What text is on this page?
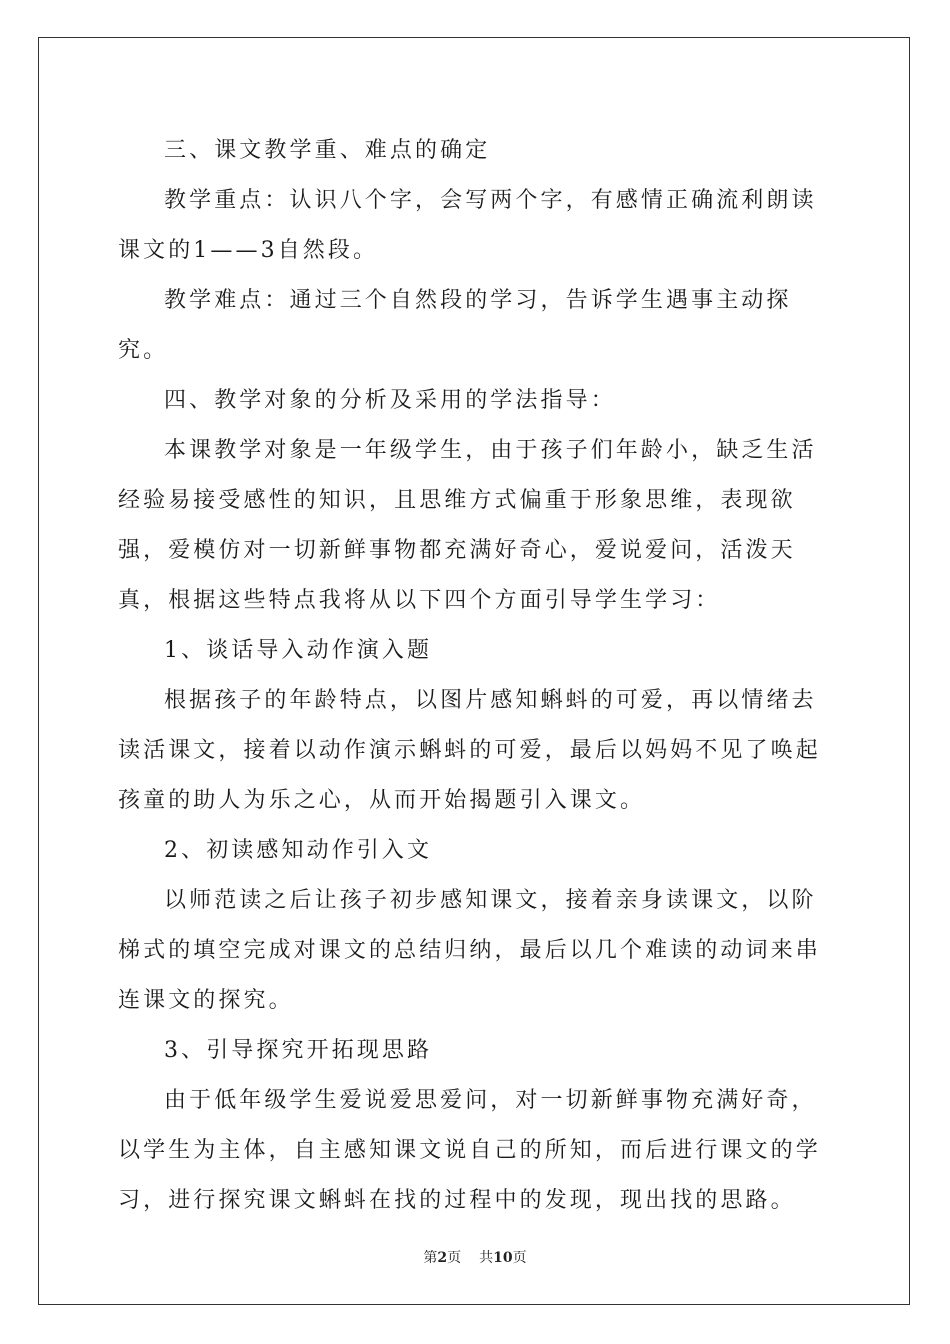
三、课文教学重、难点的确定

教学重点：认识八个字，会写两个字，有感情正确流利朗读课文的1——3自然段。

教学难点：通过三个自然段的学习，告诉学生遇事主动探究。

四、教学对象的分析及采用的学法指导：

本课教学对象是一年级学生，由于孩子们年龄小，缺乏生活经验易接受感性的知识，且思维方式偏重于形象思维，表现欲强，爱模仿对一切新鲜事物都充满好奇心，爱说爱问，活泼天真，根据这些特点我将从以下四个方面引导学生学习：

1、谈话导入动作演入题

根据孩子的年龄特点，以图片感知蝌蚪的可爱，再以情绪去读活课文，接着以动作演示蝌蚪的可爱，最后以妈妈不见了唤起孩童的助人为乐之心，从而开始揭题引入课文。

2、初读感知动作引入文

以师范读之后让孩子初步感知课文，接着亲身读课文，以阶梯式的填空完成对课文的总结归纳，最后以几个难读的动词来串连课文的探究。

3、引导探究开拓现思路

由于低年级学生爱说爱思爱问，对一切新鲜事物充满好奇，以学生为主体，自主感知课文说自己的所知，而后进行课文的学习，进行探究课文蝌蚪在找的过程中的发现，现出找的思路。

第2页 共10页
